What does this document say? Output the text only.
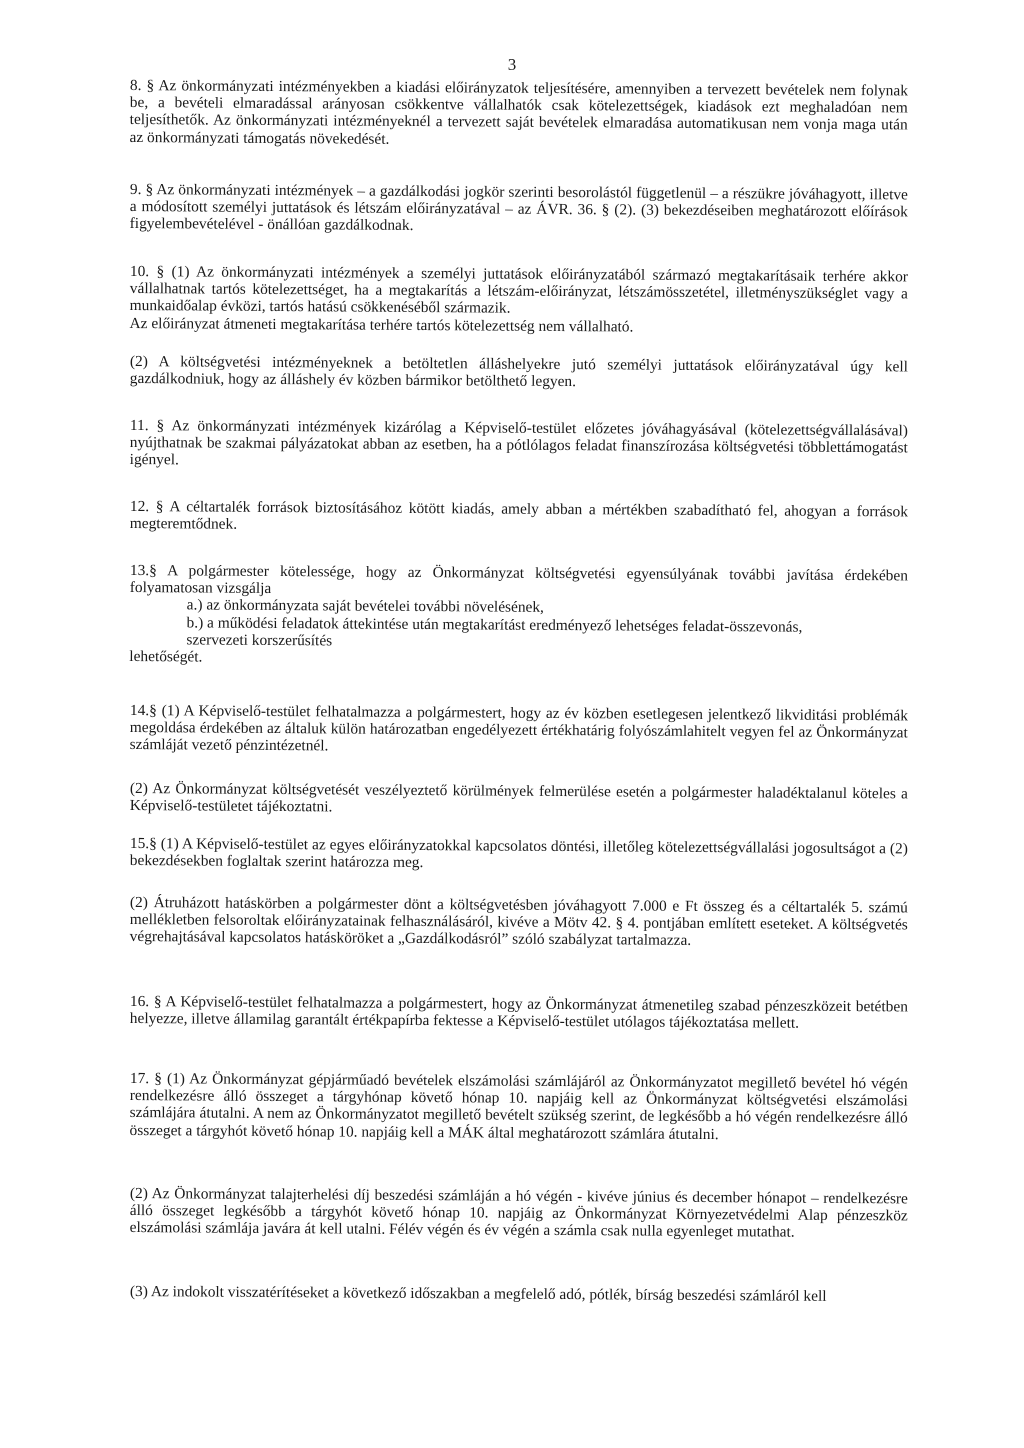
3

8. § Az önkormányzati intézményekben a kiadási előirányzatok teljesítésére, amennyiben a tervezett bevételek nem folynak be, a bevételi elmaradással arányosan csökkentve vállalhatók csak kötelezettségek, kiadások ezt meghaladóan nem teljesíthetők. Az önkormányzati intézményeknél a tervezett saját bevételek elmaradása automatikusan nem vonja maga után az önkormányzati támogatás növekedését.

9. § Az önkormányzati intézmények – a gazdálkodási jogkör szerinti besorolástól függetlenül – a részükre jóváhagyott, illetve a módosított személyi juttatások és létszám előirányzatával – az ÁVR. 36. § (2). (3) bekezdéseiben meghatározott előírások figyelembevételével - önállóan gazdálkodnak.

10. § (1) Az önkormányzati intézmények a személyi juttatások előirányzatából származó megtakarításaik terhére akkor vállalhatnak tartós kötelezettséget, ha a megtakarítás a létszám-előirányzat, létszámösszetétel, illetményszükséglet vagy a munkaidőalap évközi, tartós hatású csökkenéséből származik.

Az előirányzat átmeneti megtakarítása terhére tartós kötelezettség nem vállalható.

(2) A költségvetési intézményeknek a betöltetlen álláshelyekre jutó személyi juttatások előirányzatával úgy kell gazdálkodniuk, hogy az álláshely év közben bármikor betölthető legyen.

11. § Az önkormányzati intézmények kizárólag a Képviselő-testület előzetes jóváhagyásával (kötelezettségvállalásával) nyújthatnak be szakmai pályázatokat abban az esetben, ha a pótlólagos feladat finanszírozása költségvetési többlettámogatást igényel.

12. § A céltartalék források biztosításához kötött kiadás, amely abban a mértékben szabadítható fel, ahogyan a források megteremtődnek.

13.§ A polgármester kötelessége, hogy az Önkormányzat költségvetési egyensúlyának további javítása érdekében folyamatosan vizsgálja

a.) az önkormányzata saját bevételei további növelésének,
b.) a működési feladatok áttekintése után megtakarítást eredményező lehetséges feladat-összevonás,
szervezeti korszerűsítés

lehetőségét.

14.§ (1) A Képviselő-testület felhatalmazza a polgármestert, hogy az év közben esetlegesen jelentkező likviditási problémák megoldása érdekében az általuk külön határozatban engedélyezett értékhatárig folyószámlahitelt vegyen fel az Önkormányzat számláját vezető pénzintézetnél.

(2) Az Önkormányzat költségvetését veszélyeztető körülmények felmerülése esetén a polgármester haladéktalanul köteles a Képviselő-testületet tájékoztatni.

15.§ (1) A Képviselő-testület az egyes előirányzatokkal kapcsolatos döntési, illetőleg kötelezettségvállalási jogosultságot a (2) bekezdésekben foglaltak szerint határozza meg.

(2) Átruházott hatáskörben a polgármester dönt a költségvetésben jóváhagyott 7.000 e Ft összeg és a céltartalék 5. számú mellékletben felsoroltak előirányzatainak felhasználásáról, kivéve a Mötv 42. § 4. pontjában említett eseteket. A költségvetés végrehajtásával kapcsolatos hatásköröket a „Gazdálkodásról” szóló szabályzat tartalmazza.

16. § A Képviselő-testület felhatalmazza a polgármestert, hogy az Önkormányzat átmenetileg szabad pénzeszközeit betétben helyezze, illetve államilag garantált értékpapírba fektesse a Képviselő-testület utólagos tájékoztatása mellett.

17. § (1) Az Önkormányzat gépjárműadó bevételek elszámolási számlájáról az Önkormányzatot megillető bevétel hó végén rendelkezésre álló összeget a tárgyhónap követő hónap 10. napjáig kell az Önkormányzat költségvetési elszámolási számlájára átutalni. A nem az Önkormányzatot megillető bevételt szükség szerint, de legkésőbb a hó végén rendelkezésre álló összeget a tárgyhót követő hónap 10. napjáig kell a MÁK által meghatározott számlára átutalni.

(2) Az Önkormányzat talajterhelési díj beszedési számláján a hó végén - kivéve június és december hónapot – rendelkezésre álló összeget legkésőbb a tárgyhót követő hónap 10. napjáig az Önkormányzat Környezetvédelmi Alap pénzeszköz elszámolási számlája javára át kell utalni. Félév végén és év végén a számla csak nulla egyenleget mutathat.

(3) Az indokolt visszatérítéseket a következő időszakban a megfelelő adó, pótlék, bírság beszedési számláról kell
